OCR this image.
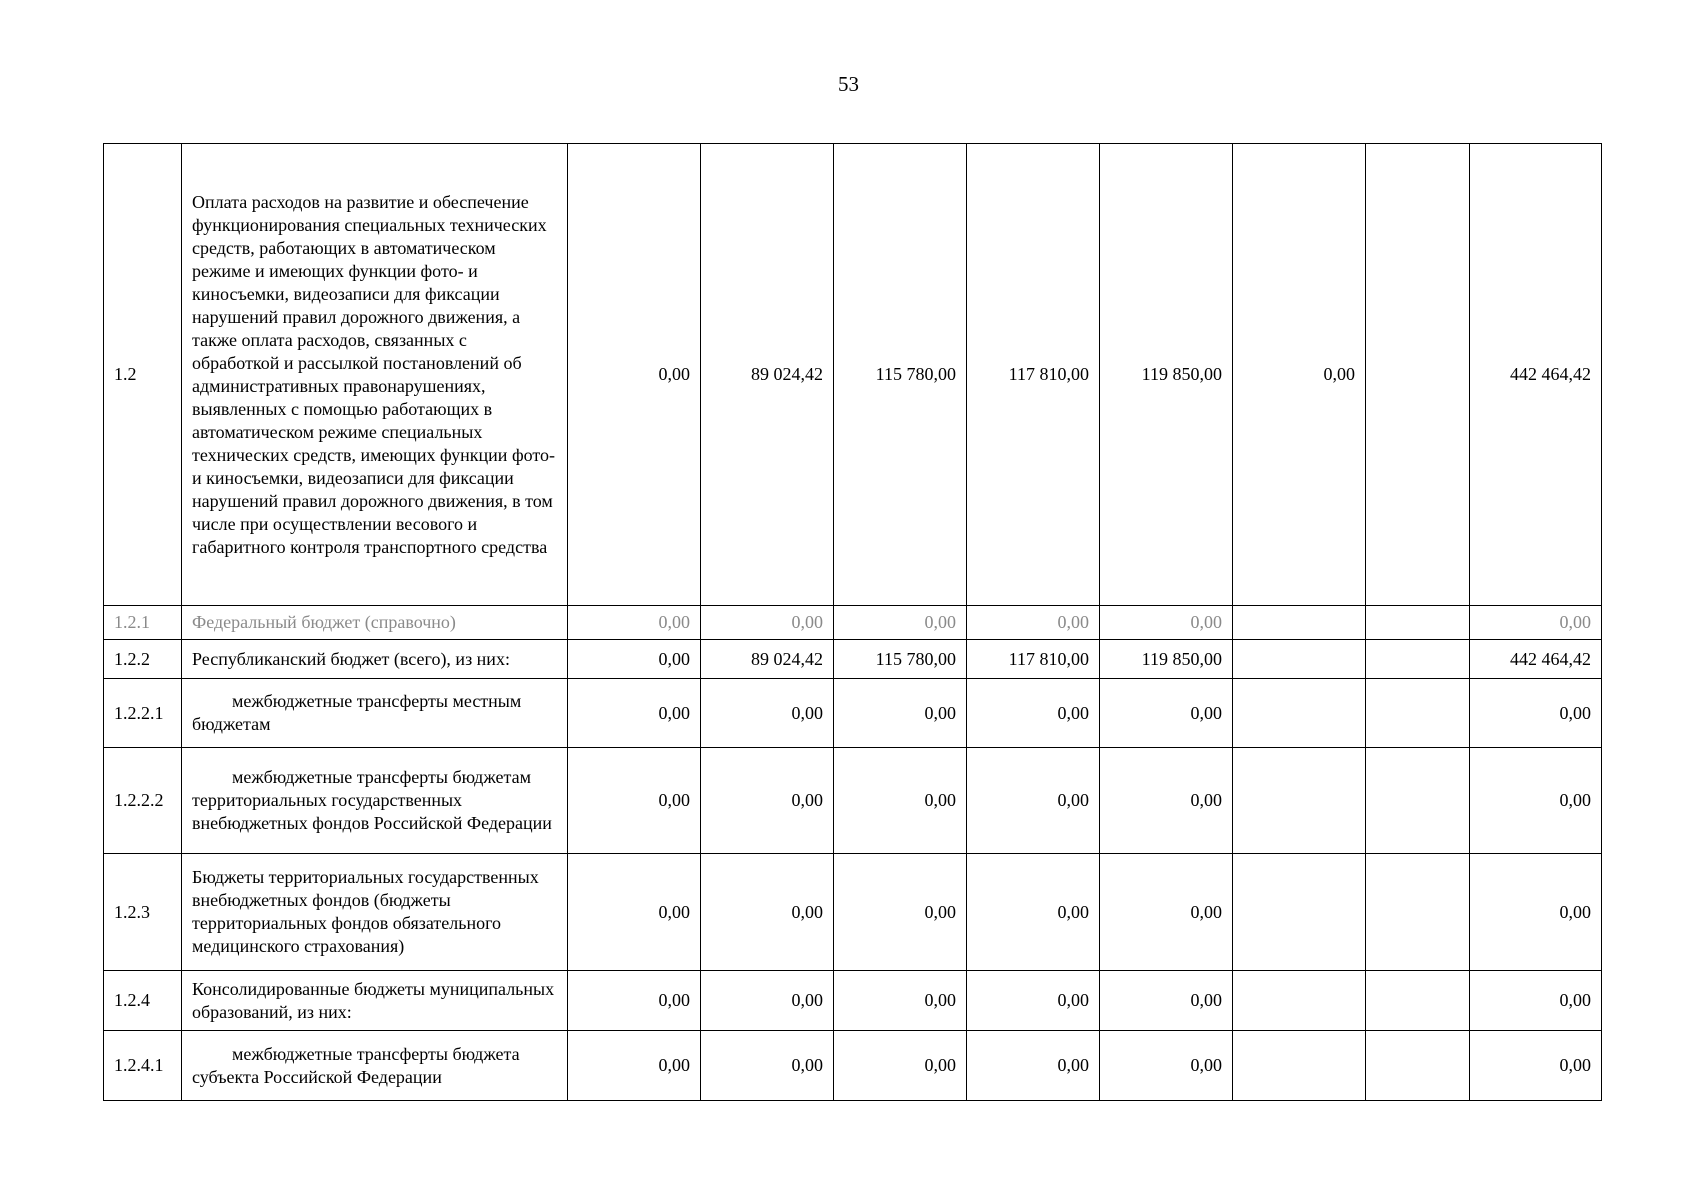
53
1.2	Оплата расходов на развитие и обеспечение функционирования специальных технических средств, работающих в автоматическом режиме и имеющих функции фото- и киносъемки, видеозаписи для фиксации нарушений правил дорожного движения, а также оплата расходов, связанных с обработкой и рассылкой постановлений об административных правонарушениях, выявленных с помощью работающих в автоматическом режиме специальных технических средств, имеющих функции фото- и киносъемки, видеозаписи для фиксации нарушений правил дорожного движения, в том числе при осуществлении весового и габаритного контроля транспортного средства	0,00	89 024,42	115 780,00	117 810,00	119 850,00	0,00		442 464,42
1.2.1	Федеральный бюджет (справочно)	0,00	0,00	0,00	0,00	0,00			0,00
1.2.2	Республиканский бюджет (всего), из них:	0,00	89 024,42	115 780,00	117 810,00	119 850,00			442 464,42
1.2.2.1	межбюджетные трансферты местным бюджетам	0,00	0,00	0,00	0,00	0,00			0,00
1.2.2.2	межбюджетные трансферты бюджетам территориальных государственных внебюджетных фондов Российской Федерации	0,00	0,00	0,00	0,00	0,00			0,00
1.2.3	Бюджеты территориальных государственных внебюджетных фондов (бюджеты территориальных фондов обязательного медицинского страхования)	0,00	0,00	0,00	0,00	0,00			0,00
1.2.4	Консолидированные бюджеты муниципальных образований, из них:	0,00	0,00	0,00	0,00	0,00			0,00
1.2.4.1	межбюджетные трансферты бюджета субъекта Российской Федерации	0,00	0,00	0,00	0,00	0,00			0,00
